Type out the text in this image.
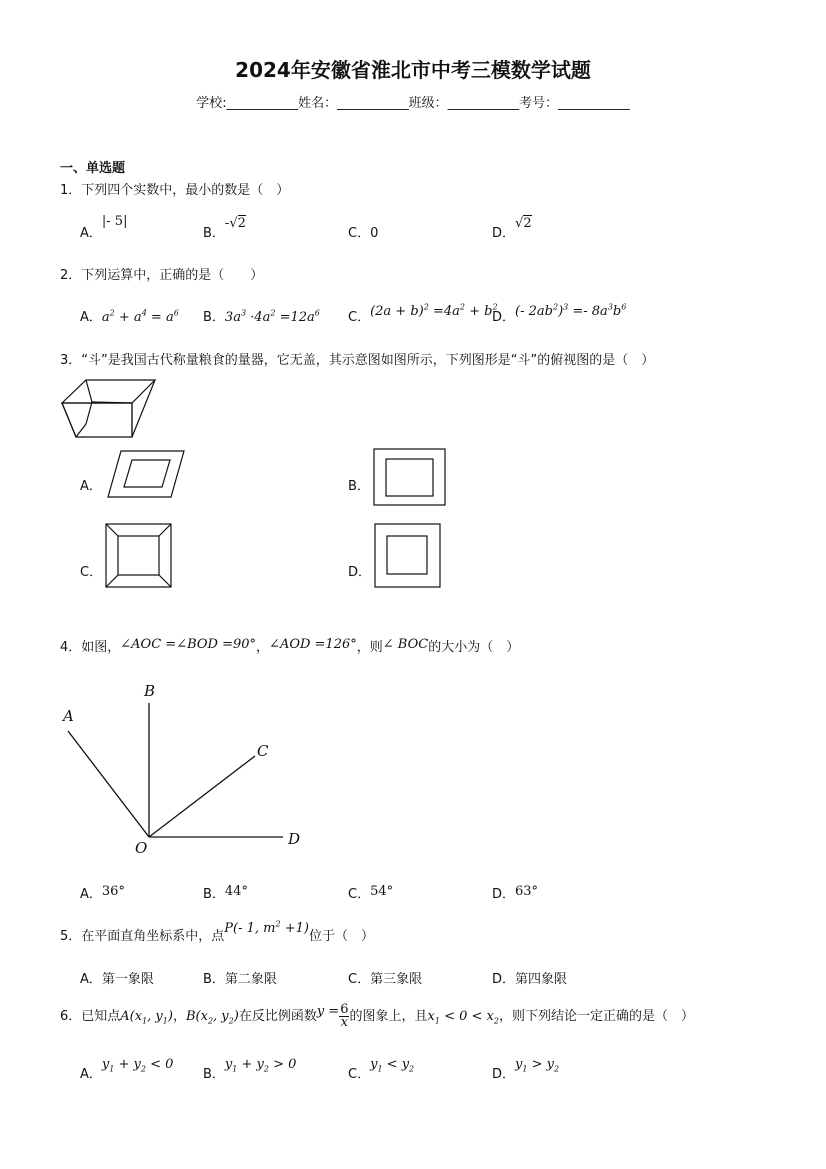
2024年安徽省淮北市中考三模数学试题
学校:___________姓名：___________班级：___________考号：___________
一、单选题
1．下列四个实数中，最小的数是（　）
A．|- 5|
B．-√2
C．0	D．√2
2．下列运算中，正确的是（　　）
A．$a^2 + a^4 = a^6$ B．$3a^3 \cdot 4a^2 =12a^6$ C．$(2a + b)^2 =4a^2 + b^2$
D．(- $2ab^2)^3 =- 8a^3b^6$
3．“斗”是我国古代称量粮食的量器，它无盖，其示意图如图所示，下列图形是“斗”的俯视图的是（　）
A．	B．
C．	D．
4．如图，∠AOC =∠BOD =90°，∠AOD =126°，则∠ BOC的大小为（　）
B
A
C
D
O
A．36°	B．44°	C．54°	D．63°
5．在平面直角坐标系中，点P(- 1, $m^2 +1$)位于（　）
A．第一象限	B．第二象限	C．第三象限	D．第四象限
6．已知点$A(x_1$, $y_1$)，$B(x_2$, $y_2$)在反比例函数$y = \frac{6}{x}$ 的图象上，且$x_1 < 0 < x_2$，则下列结论一定正确的是（　）
A．$y_1 + y_2 < 0$
B．$y_1 + y_2 > 0$
C．$y_1 < y_2$	D．$y_1 > y_2$
